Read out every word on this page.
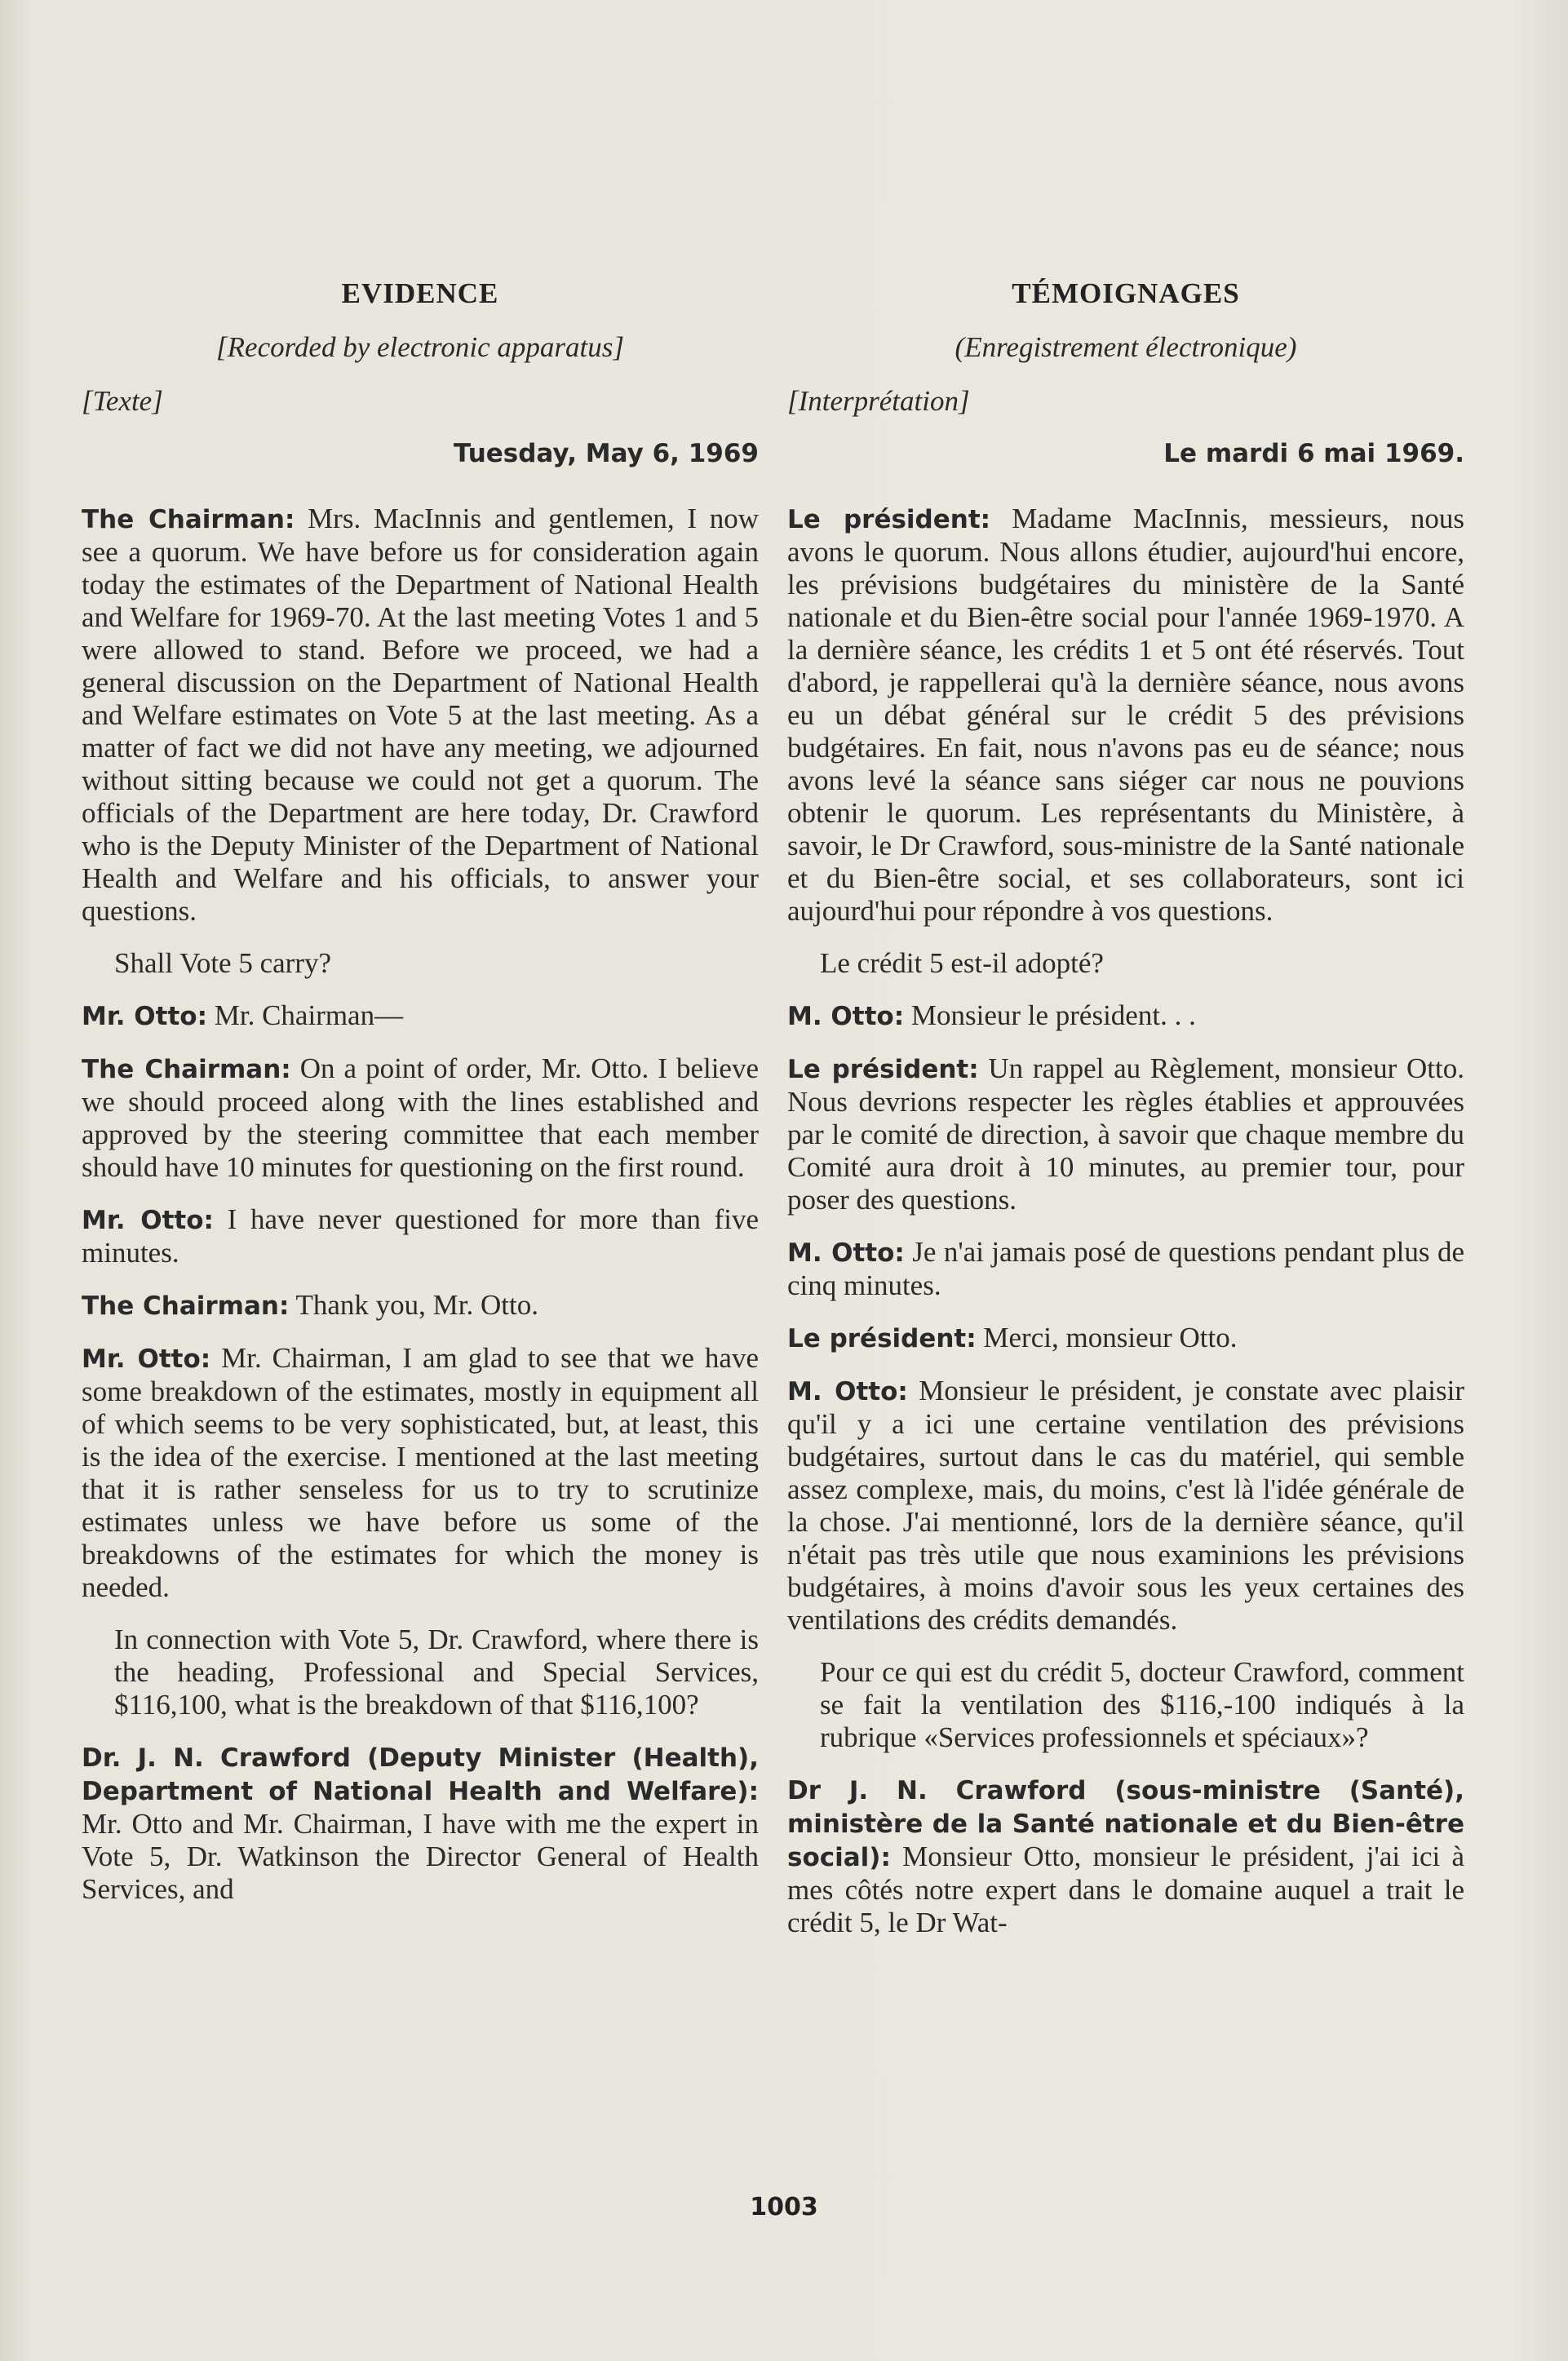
EVIDENCE
[Recorded by electronic apparatus]
[Texte]
Tuesday, May 6, 1969

The Chairman: Mrs. MacInnis and gentlemen, I now see a quorum. We have before us for consideration again today the estimates of the Department of National Health and Welfare for 1969-70. At the last meeting Votes 1 and 5 were allowed to stand. Before we proceed, we had a general discussion on the Department of National Health and Welfare estimates on Vote 5 at the last meeting. As a matter of fact we did not have any meeting, we adjourned without sitting because we could not get a quorum. The officials of the Department are here today, Dr. Crawford who is the Deputy Minister of the Department of National Health and Welfare and his officials, to answer your questions.

Shall Vote 5 carry?

Mr. Otto: Mr. Chairman—

The Chairman: On a point of order, Mr. Otto. I believe we should proceed along with the lines established and approved by the steering committee that each member should have 10 minutes for questioning on the first round.

Mr. Otto: I have never questioned for more than five minutes.

The Chairman: Thank you, Mr. Otto.

Mr. Otto: Mr. Chairman, I am glad to see that we have some breakdown of the estimates, mostly in equipment all of which seems to be very sophisticated, but, at least, this is the idea of the exercise. I mentioned at the last meeting that it is rather senseless for us to try to scrutinize estimates unless we have before us some of the breakdowns of the estimates for which the money is needed.

In connection with Vote 5, Dr. Crawford, where there is the heading, Professional and Special Services, $116,100, what is the breakdown of that $116,100?

Dr. J. N. Crawford (Deputy Minister (Health), Department of National Health and Welfare): Mr. Otto and Mr. Chairman, I have with me the expert in Vote 5, Dr. Watkinson the Director General of Health Services, and

TÉMOIGNAGES
(Enregistrement électronique)
[Interprétation]
Le mardi 6 mai 1969.

Le président: Madame MacInnis, messieurs, nous avons le quorum. Nous allons étudier, aujourd'hui encore, les prévisions budgétaires du ministère de la Santé nationale et du Bien-être social pour l'année 1969-1970. A la dernière séance, les crédits 1 et 5 ont été réservés. Tout d'abord, je rappellerai qu'à la dernière séance, nous avons eu un débat général sur le crédit 5 des prévisions budgétaires. En fait, nous n'avons pas eu de séance; nous avons levé la séance sans siéger car nous ne pouvions obtenir le quorum. Les représentants du Ministère, à savoir, le Dr Crawford, sous-ministre de la Santé nationale et du Bien-être social, et ses collaborateurs, sont ici aujourd'hui pour répondre à vos questions.

Le crédit 5 est-il adopté?

M. Otto: Monsieur le président. . .

Le président: Un rappel au Règlement, monsieur Otto. Nous devrions respecter les règles établies et approuvées par le comité de direction, à savoir que chaque membre du Comité aura droit à 10 minutes, au premier tour, pour poser des questions.

M. Otto: Je n'ai jamais posé de questions pendant plus de cinq minutes.

Le président: Merci, monsieur Otto.

M. Otto: Monsieur le président, je constate avec plaisir qu'il y a ici une certaine ventilation des prévisions budgétaires, surtout dans le cas du matériel, qui semble assez complexe, mais, du moins, c'est là l'idée générale de la chose. J'ai mentionné, lors de la dernière séance, qu'il n'était pas très utile que nous examinions les prévisions budgétaires, à moins d'avoir sous les yeux certaines des ventilations des crédits demandés.

Pour ce qui est du crédit 5, docteur Crawford, comment se fait la ventilation des $116,-100 indiqués à la rubrique «Services professionnels et spéciaux»?

Dr J. N. Crawford (sous-ministre (Santé), ministère de la Santé nationale et du Bien-être social): Monsieur Otto, monsieur le président, j'ai ici à mes côtés notre expert dans le domaine auquel a trait le crédit 5, le Dr Wat-

1003
